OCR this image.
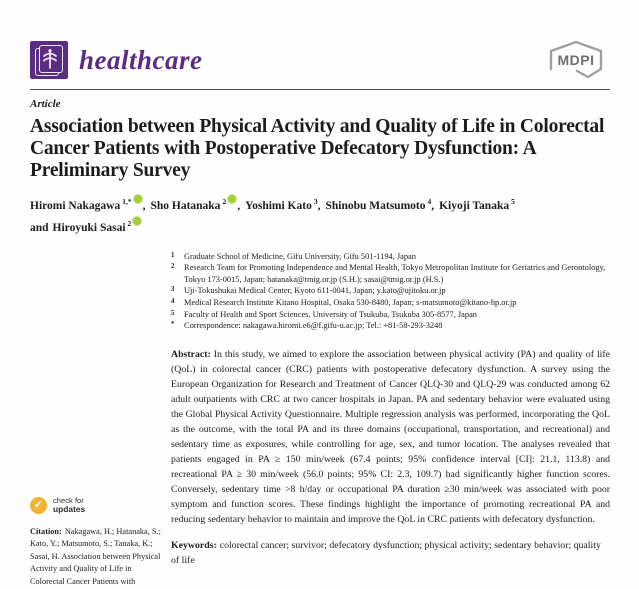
healthcare	MDPI
Article
Association between Physical Activity and Quality of Life in Colorectal Cancer Patients with Postoperative Defecatory Dysfunction: A Preliminary Survey
Hiromi Nakagawa $^{1,*}$ , Sho Hatanaka $^2$ , Yoshimi Kato $^3$, Shinobu Matsumoto $^4$, Kiyoji Tanaka $^5$
and Hiroyuki Sasai $^2$
✓	check for
updates

Citation: Nakagawa, H.; Hatanaka, S.; Kato, Y.; Matsumoto, S.; Tanaka, K.; Sasai, H. Association between Physical Activity and Quality of Life in Colorectal Cancer Patients with

1	Graduate School of Medicine, Gifu University, Gifu 501-1194, Japan
2	Research Team for Promoting Independence and Mental Health, Tokyo Metropolitan Institute for Geriatrics and Gerontology, Tokyo 173-0015, Japan; hatanaka@tmig.or.jp (S.H.); sasai@tmig.or.jp (H.S.)
3	Uji-Tokushukai Medical Center, Kyoto 611-0041, Japan; y.kato@ujitoku.or.jp
4	Medical Research Institute Kitano Hospital, Osaka 530-8480, Japan; s-matsumoto@kitano-hp.or.jp
5	Faculty of Health and Sport Sciences, University of Tsukuba, Tsukuba 305-8577, Japan
*	Correspondence: nakagawa.hiromi.e6@f.gifu-u.ac.jp; Tel.: +81-58-293-3248

Abstract: In this study, we aimed to explore the association between physical activity (PA) and quality of life (QoL) in colorectal cancer (CRC) patients with postoperative defecatory dysfunction. A survey using the European Organization for Research and Treatment of Cancer QLQ-30 and QLQ-29 was conducted among 62 adult outpatients with CRC at two cancer hospitals in Japan. PA and sedentary behavior were evaluated using the Global Physical Activity Questionnaire. Multiple regression analysis was performed, incorporating the QoL as the outcome, with the total PA and its three domains (occupational, transportation, and recreational) and sedentary time as exposures, while controlling for age, sex, and tumor location. The analyses revealed that patients engaged in PA ≥ 150 min/week (67.4 points; 95% confidence interval [CI]: 21.1, 113.8) and recreational PA ≥ 30 min/week (56.0 points; 95% CI: 2.3, 109.7) had significantly higher function scores. Conversely, sedentary time >8 h/day or occupational PA duration ≥30 min/week was associated with poor symptom and function scores. These findings highlight the importance of promoting recreational PA and reducing sedentary behavior to maintain and improve the QoL in CRC patients with defecatory dysfunction.

Keywords: colorectal cancer; survivor; defecatory dysfunction; physical activity; sedentary behavior; quality of life
